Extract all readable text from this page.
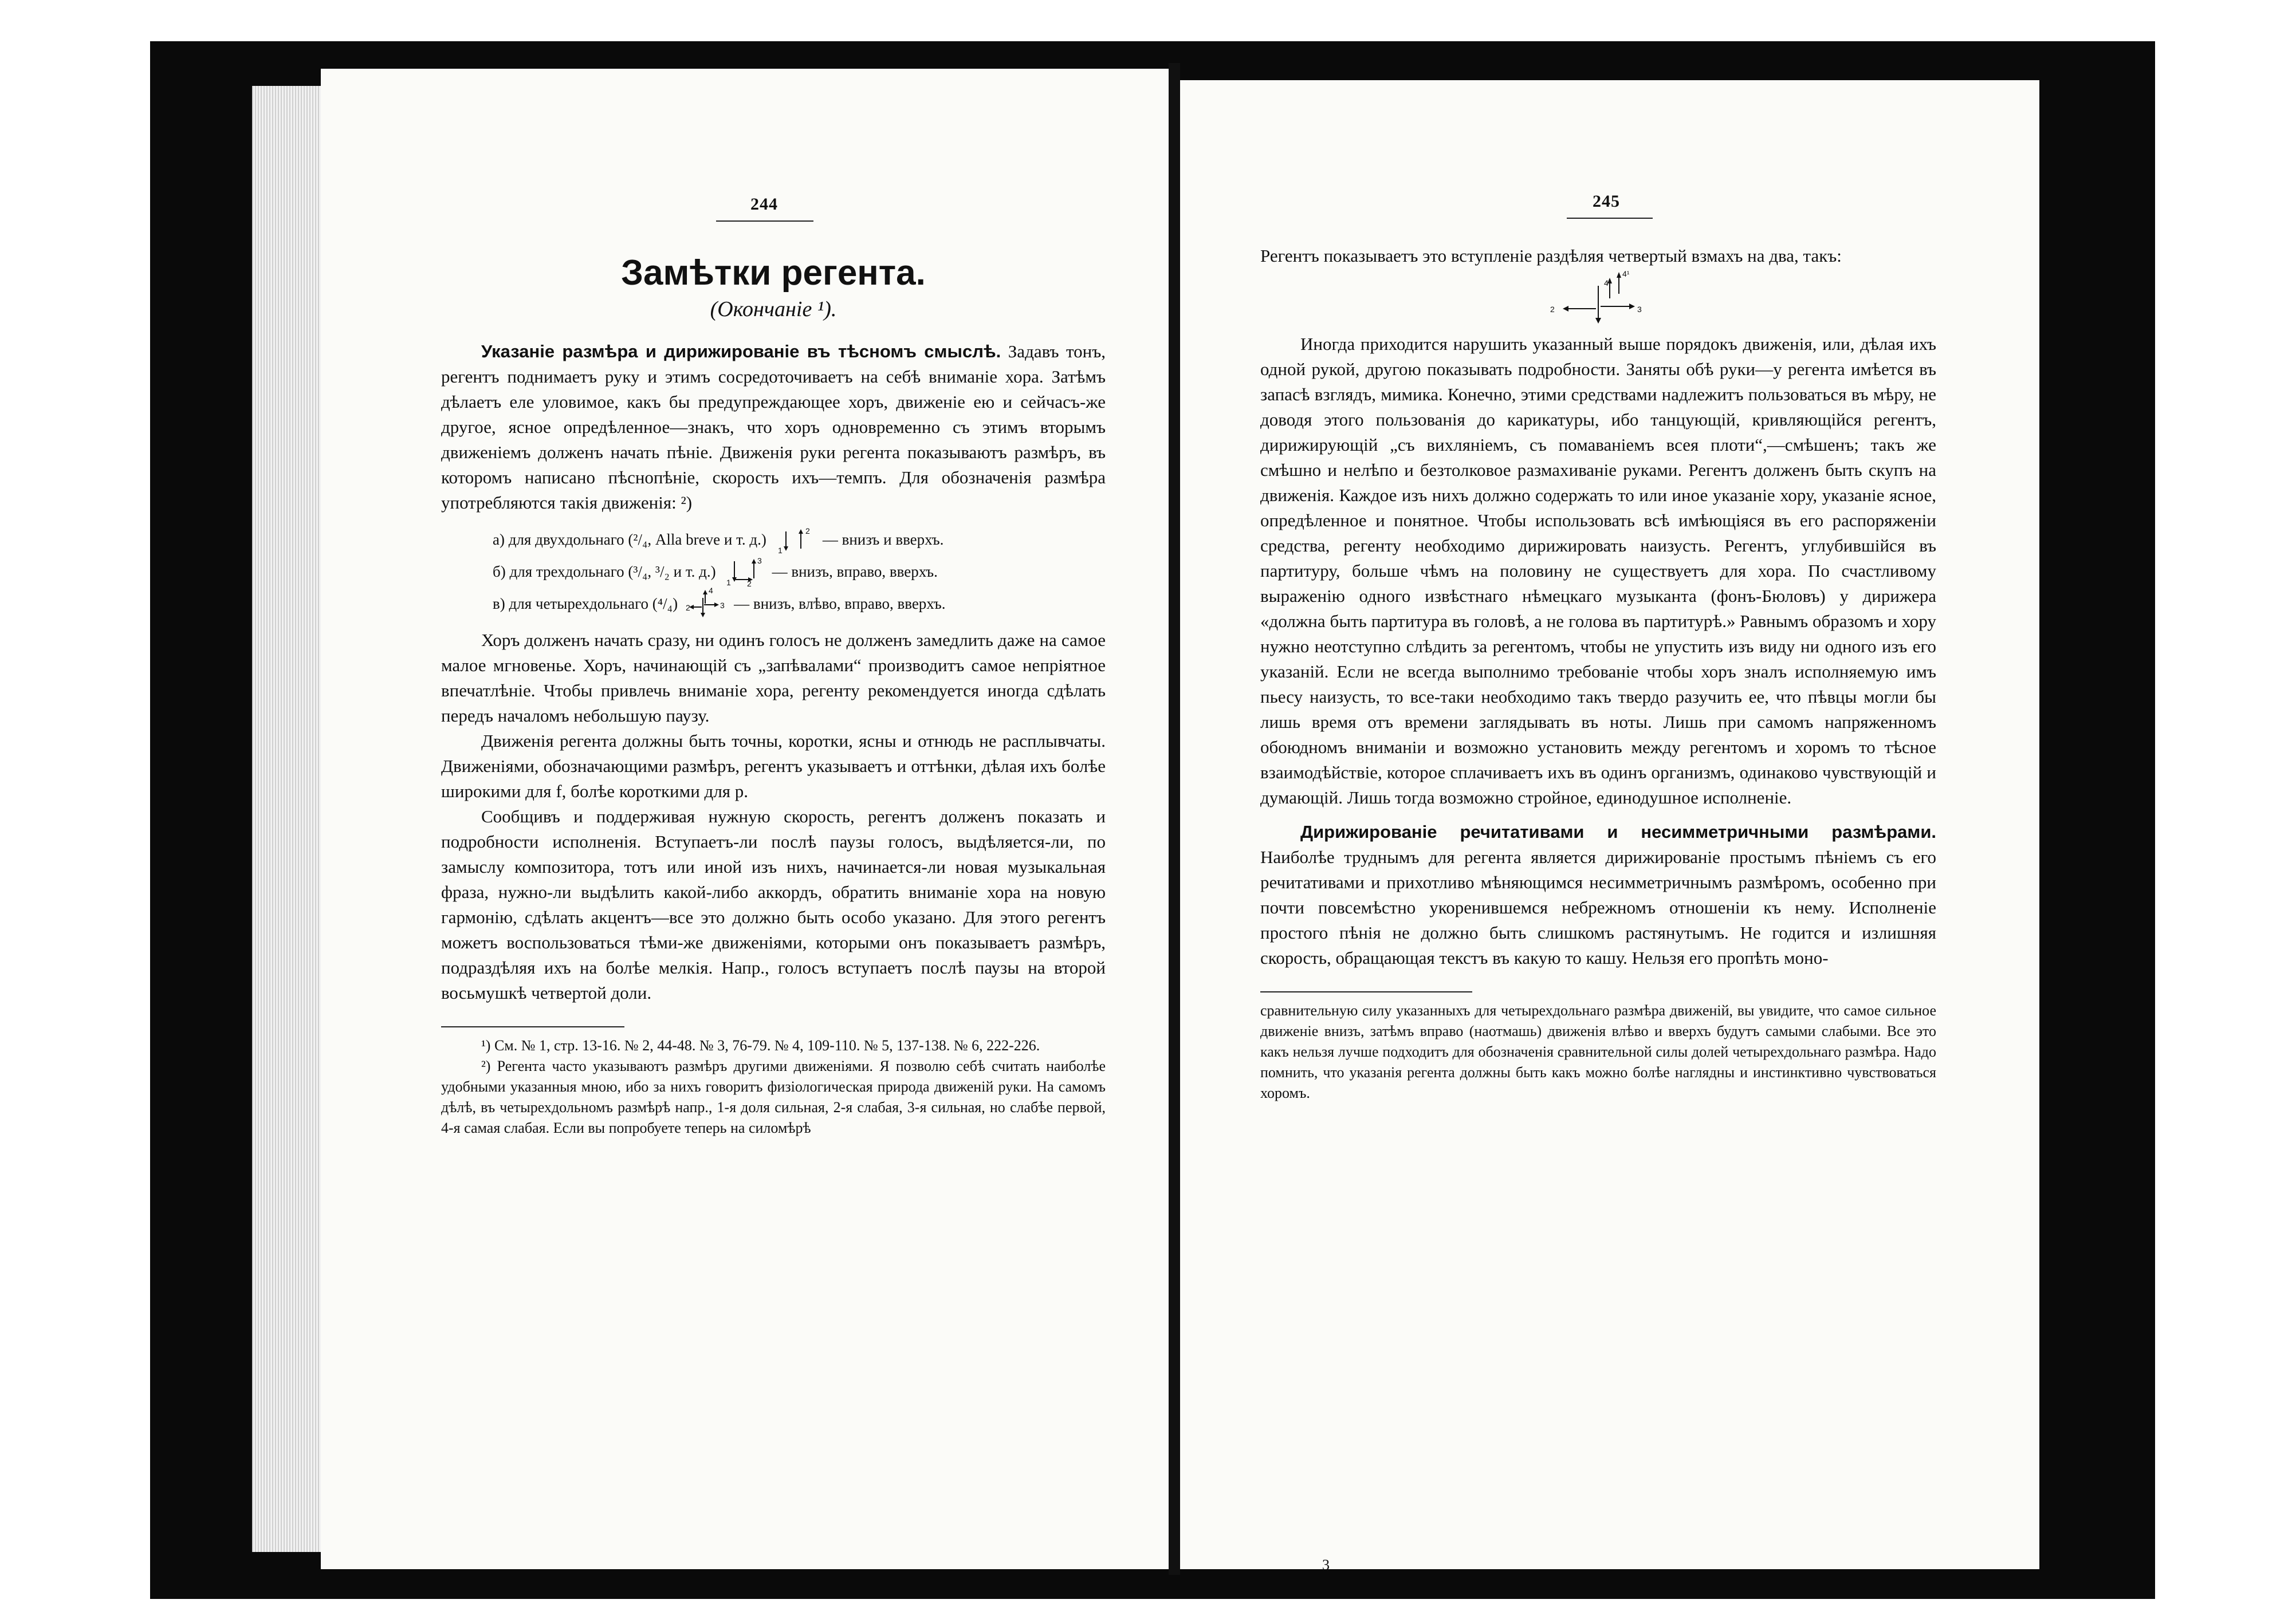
244
Замѣтки регента.
(Окончаніе ¹).

Указаніе размѣра и дирижированіе въ тѣсномъ смыслѣ. Задавъ тонъ, регентъ поднимаетъ руку и этимъ сосредоточиваетъ на себѣ вниманіе хора. Затѣмъ дѣлаетъ еле уловимое, какъ бы предупреждающее хоръ, движеніе ею и сейчасъ-же другое, ясное опредѣленное—знакъ, что хоръ одновременно съ этимъ вторымъ движеніемъ долженъ начать пѣніе. Движенія руки регента показываютъ размѣръ, въ которомъ написано пѣснопѣніе, скорость ихъ—темпъ. Для обозначенія размѣра употребляются такія движенія: ²)

а) для двухдольнаго (²/₄, Alla breve и т. д.)
1
2 — внизъ и вверхъ.
б) для трехдольнаго (³/₄, ³/₂ и т. д.)
1 2
3
— внизъ, вправо, вверхъ.
в) для четырехдольнаго (⁴/₄) 2	3
4
— внизъ, влѣво, вправо, вверхъ.

Хоръ долженъ начать сразу, ни одинъ голосъ не долженъ замедлить даже на самое малое мгновенье. Хоръ, начинающій съ „запѣвалами“ производитъ самое непріятное впечатлѣніе. Чтобы привлечь вниманіе хора, регенту рекомендуется иногда сдѣлать передъ началомъ небольшую паузу.

Движенія регента должны быть точны, коротки, ясны и отнюдь не расплывчаты. Движеніями, обозначающими размѣръ, регентъ указываетъ и оттѣнки, дѣлая ихъ болѣе широкими для f, болѣе короткими для p.

Сообщивъ и поддерживая нужную скорость, регентъ долженъ показать и подробности исполненія. Вступаетъ-ли послѣ паузы голосъ, выдѣляется-ли, по замыслу композитора, тотъ или иной изъ нихъ, начинается-ли новая музыкальная фраза, нужно-ли выдѣлить какой-либо аккордъ, обратить вниманіе хора на новую гармонію, сдѣлать акцентъ—все это должно быть особо указано. Для этого регентъ можетъ воспользоваться тѣми-же движеніями, которыми онъ показываетъ размѣръ, подраздѣляя ихъ на болѣе мелкія. Напр., голосъ вступаетъ послѣ паузы на второй восьмушкѣ четвертой доли.

¹) См. № 1, стр. 13-16. № 2, 44-48. № 3, 76-79. № 4, 109-110. № 5, 137-138. № 6, 222-226.

²) Регента часто указываютъ размѣръ другими движеніями. Я позволю себѣ считать наиболѣе удобными указанныя мною, ибо за нихъ говоритъ физіологическая природа движеній руки. На самомъ дѣлѣ, въ четырехдольномъ размѣрѣ напр., 1-я доля сильная, 2-я слабая, 3-я сильная, но слабѣе первой, 4-я самая слабая. Если вы попробуете теперь на силомѣрѣ

245

Регентъ показываетъ это вступленіе раздѣляя четвертый взмахъ на два, такъ:

2	3
4
4¹

Иногда приходится нарушить указанный выше порядокъ движенія, или, дѣлая ихъ одной рукой, другою показывать подробности. Заняты обѣ руки—у регента имѣется въ запасѣ взглядъ, мимика. Конечно, этими средствами надлежитъ пользоваться въ мѣру, не доводя этого пользованія до карикатуры, ибо танцующій, кривляющійся регентъ, дирижирующій „съ вихляніемъ, съ помаваніемъ всея плоти“,—смѣшенъ; такъ же смѣшно и нелѣпо и безтолковое размахиваніе руками. Регентъ долженъ быть скупъ на движенія. Каждое изъ нихъ должно содержать то или иное указаніе хору, указаніе ясное, опредѣленное и понятное. Чтобы использовать всѣ имѣющіяся въ его распоряженіи средства, регенту необходимо дирижировать наизусть. Регентъ, углубившійся въ партитуру, больше чѣмъ на половину не существуетъ для хора. По счастливому выраженію одного извѣстнаго нѣмецкаго музыканта (фонъ-Бюловъ) у дирижера «должна быть партитура въ головѣ, а не голова въ партитурѣ.» Равнымъ образомъ и хору нужно неотступно слѣдить за регентомъ, чтобы не упустить изъ виду ни одного изъ его указаній. Если не всегда выполнимо требованіе чтобы хоръ зналъ исполняемую имъ пьесу наизусть, то все-таки необходимо такъ твердо разучить ее, что пѣвцы могли бы лишь время отъ времени заглядывать въ ноты. Лишь при самомъ напряженномъ обоюдномъ вниманіи и возможно установить между регентомъ и хоромъ то тѣсное взаимодѣйствіе, которое сплачиваетъ ихъ въ одинъ организмъ, одинаково чувствующій и думающій. Лишь тогда возможно стройное, единодушное исполненіе.

Дирижированіе речитативами и несимметричными размѣрами. Наиболѣе труднымъ для регента является дирижированіе простымъ пѣніемъ съ его речитативами и прихотливо мѣняющимся несимметричнымъ размѣромъ, особенно при почти повсемѣстно укоренившемся небрежномъ отношеніи къ нему. Исполненіе простого пѣнія не должно быть слишкомъ растянутымъ. Не годится и излишняя скорость, обращающая текстъ въ какую то кашу. Нельзя его пропѣть моно-

сравнительную силу указанныхъ для четырехдольнаго размѣра движеній, вы увидите, что самое сильное движеніе внизъ, затѣмъ вправо (наотмашь) движенія влѣво и вверхъ будутъ самыми слабыми. Все это какъ нельзя лучше подходитъ для обозначенія сравнительной силы долей четырехдольнаго размѣра. Надо помнить, что указанія регента должны быть какъ можно болѣе наглядны и инстинктивно чувствоваться хоромъ.

3
